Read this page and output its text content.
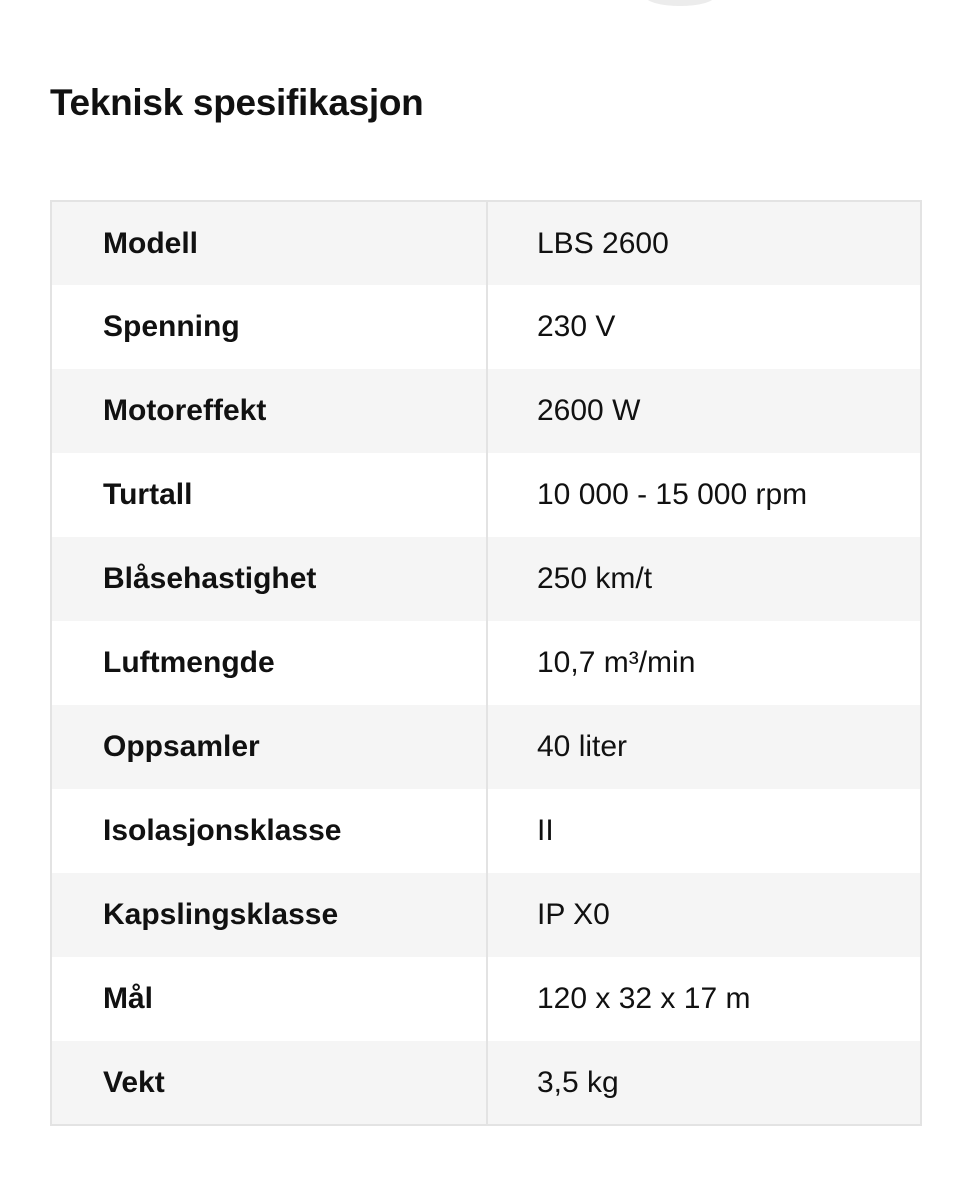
Teknisk spesifikasjon
Modell	LBS 2600
Spenning	230 V
Motoreffekt	2600 W
Turtall	10 000 - 15 000 rpm
Blåsehastighet	250 km/t
Luftmengde	10,7 m³/min
Oppsamler	40 liter
Isolasjonsklasse	II
Kapslingsklasse	IP X0
Mål	120 x 32 x 17 m
Vekt	3,5 kg
